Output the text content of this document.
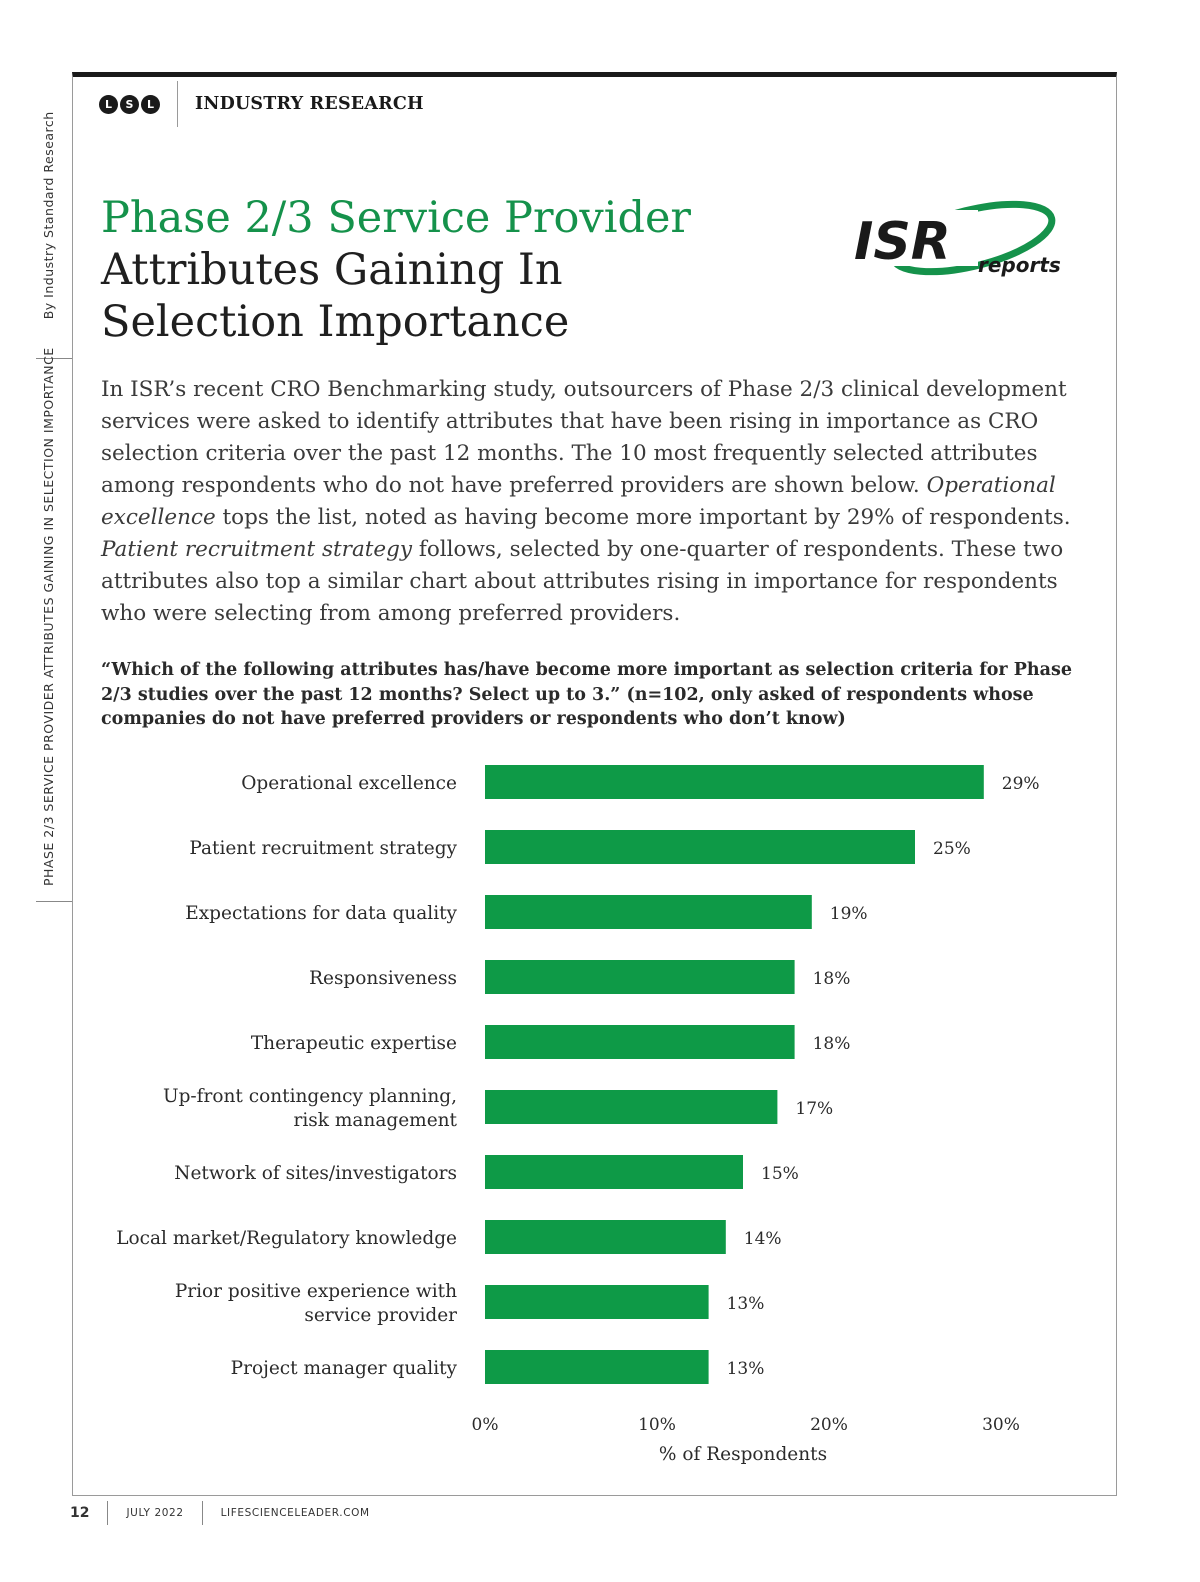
PHASE 2/3 SERVICE PROVIDER ATTRIBUTES GAINING IN SELECTION IMPORTANCE
By Industry Standard Research
L	S	L	INDUSTRY RESEARCH
Phase 2/3 Service Provider
Attributes Gaining In
Selection Importance
ISR reports
In ISR’s recent CRO Benchmarking study, outsourcers of Phase 2/3 clinical development services were asked to identify attributes that have been rising in importance as CRO selection criteria over the past 12 months. The 10 most frequently selected attributes among respondents who do not have preferred providers are shown below. Operational excellence tops the list, noted as having become more important by 29% of respondents. Patient recruitment strategy follows, selected by one-quarter of respondents. These two attributes also top a similar chart about attributes rising in importance for respondents who were selecting from among preferred providers.
“Which of the following attributes has/have become more important as selection criteria for Phase 2/3 studies over the past 12 months? Select up to 3.” (n=102, only asked of respondents whose companies do not have preferred providers or respondents who don’t know)
29%
Operational excellence
25%
Patient recruitment strategy
19%
Expectations for data quality
18%
Responsiveness
18%
Therapeutic expertise
17%
Up-front contingency planning,
risk management
15%
Network of sites/investigators
14%
Local market/Regulatory knowledge
13%
Prior positive experience with
service provider
13%
Project manager quality
0%	10%	20%	30%
% of Respondents
12	JULY 2022	LIFESCIENCELEADER.COM
